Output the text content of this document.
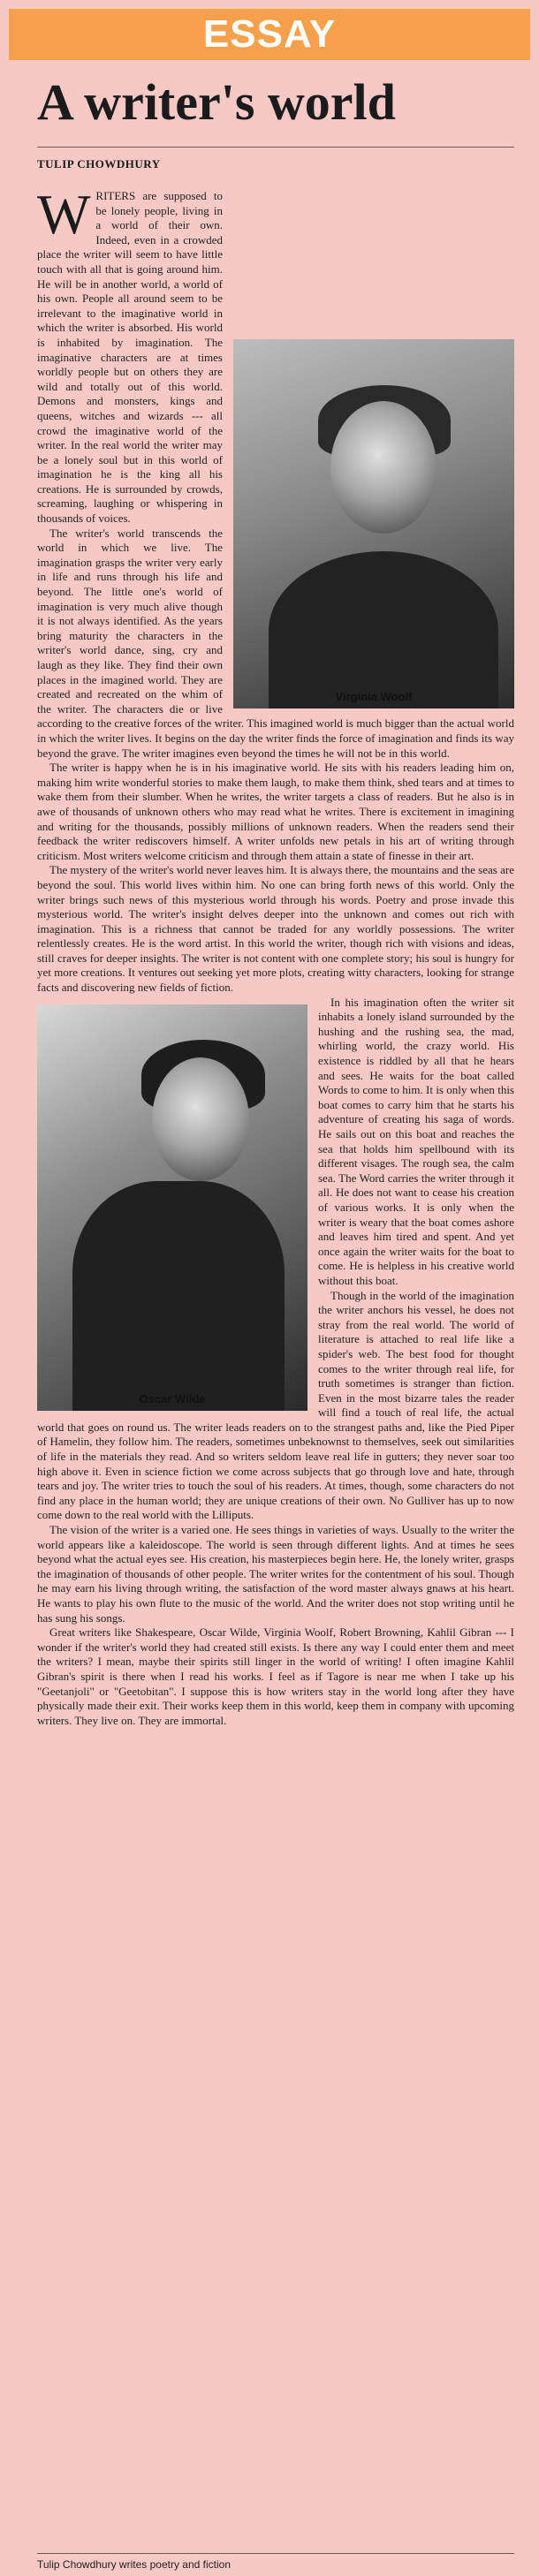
ESSAY
A writer's world

TULIP CHOWDHURY

W

Virginia Woolf
RITERS are supposed to be lonely people, living in a world of their own. Indeed, even in a crowded place the writer will seem to have little touch with all that is going around him. He will be in another world, a world of his own. People all around seem to be irrelevant to the imaginative world in which the writer is absorbed. His world is inhabited by imagination. The imaginative characters are at times worldly people but on others they are wild and totally out of this world. Demons and monsters, kings and queens, witches and wizards --- all crowd the imaginative world of the writer. In the real world the writer may be a lonely soul but in this world of imagination he is the king all his creations. He is surrounded by crowds, screaming, laughing or whispering in thousands of voices.

The writer's world transcends the world in which we live. The imagination grasps the writer very early in life and runs through his life and beyond. The little one's world of imagination is very much alive though it is not always identified. As the years bring maturity the characters in the writer's world dance, sing, cry and laugh as they like. They find their own places in the imagined world. They are created and recreated on the whim of the writer. The characters die or live according to the creative forces of the writer. This imagined world is much bigger than the actual world in which the writer lives. It begins on the day the writer finds the force of imagination and finds its way beyond the grave. The writer imagines even beyond the times he will not be in this world.

The writer is happy when he is in his imaginative world. He sits with his readers leading him on, making him write wonderful stories to make them laugh, to make them think, shed tears and at times to wake them from their slumber. When he writes, the writer targets a class of readers. But he also is in awe of thousands of unknown others who may read what he writes. There is excitement in imagining and writing for the thousands, possibly millions of unknown readers. When the readers send their feedback the writer rediscovers himself. A writer unfolds new petals in his art of writing through criticism. Most writers welcome criticism and through them attain a state of finesse in their art.

The mystery of the writer's world never leaves him. It is always there, the mountains and the seas are beyond the soul. This world lives within him. No one can bring forth news of this world. Only the writer brings such news of this mysterious world through his words. Poetry and prose invade this mysterious world. The writer's insight delves deeper into the unknown and comes out rich with imagination. This is a richness that cannot be traded for any worldly possessions. The writer relentlessly creates. He is the word artist. In this world the writer, though rich with visions and ideas, still craves for deeper insights. The writer is not content with one complete story; his soul is hungry for yet more creations. It ventures out seeking yet more plots, creating witty characters, looking for strange facts and discovering new fields of fiction.

Oscar Wilde

In his imagination often the writer sit inhabits a lonely island surrounded by the hushing and the rushing sea, the mad, whirling world, the crazy world. His existence is riddled by all that he hears and sees. He waits for the boat called Words to come to him. It is only when this boat comes to carry him that he starts his adventure of creating his saga of words. He sails out on this boat and reaches the sea that holds him spellbound with its different visages. The rough sea, the calm sea. The Word carries the writer through it all. He does not want to cease his creation of various works. It is only when the writer is weary that the boat comes ashore and leaves him tired and spent. And yet once again the writer waits for the boat to come. He is helpless in his creative world without this boat.

Though in the world of the imagination the writer anchors his vessel, he does not stray from the real world. The world of literature is attached to real life like a spider's web. The best food for thought comes to the writer through real life, for truth sometimes is stranger than fiction. Even in the most bizarre tales the reader will find a touch of real life, the actual world that goes on round us. The writer leads readers on to the strangest paths and, like the Pied Piper of Hamelin, they follow him. The readers, sometimes unbeknownst to themselves, seek out similarities of life in the materials they read. And so writers seldom leave real life in gutters; they never soar too high above it. Even in science fiction we come across subjects that go through love and hate, through tears and joy. The writer tries to touch the soul of his readers. At times, though, some characters do not find any place in the human world; they are unique creations of their own. No Gulliver has up to now come down to the real world with the Lilliputs.

The vision of the writer is a varied one. He sees things in varieties of ways. Usually to the writer the world appears like a kaleidoscope. The world is seen through different lights. And at times he sees beyond what the actual eyes see. His creation, his masterpieces begin here. He, the lonely writer, grasps the imagination of thousands of other people. The writer writes for the contentment of his soul. Though he may earn his living through writing, the satisfaction of the word master always gnaws at his heart. He wants to play his own flute to the music of the world. And the writer does not stop writing until he has sung his songs.

Great writers like Shakespeare, Oscar Wilde, Virginia Woolf, Robert Browning, Kahlil Gibran --- I wonder if the writer's world they had created still exists. Is there any way I could enter them and meet the writers? I mean, maybe their spirits still linger in the world of writing! I often imagine Kahlil Gibran's spirit is there when I read his works. I feel as if Tagore is near me when I take up his "Geetanjoli" or "Geetobitan". I suppose this is how writers stay in the world long after they have physically made their exit. Their works keep them in this world, keep them in company with upcoming writers. They live on. They are immortal.

Tulip Chowdhury writes poetry and fiction
